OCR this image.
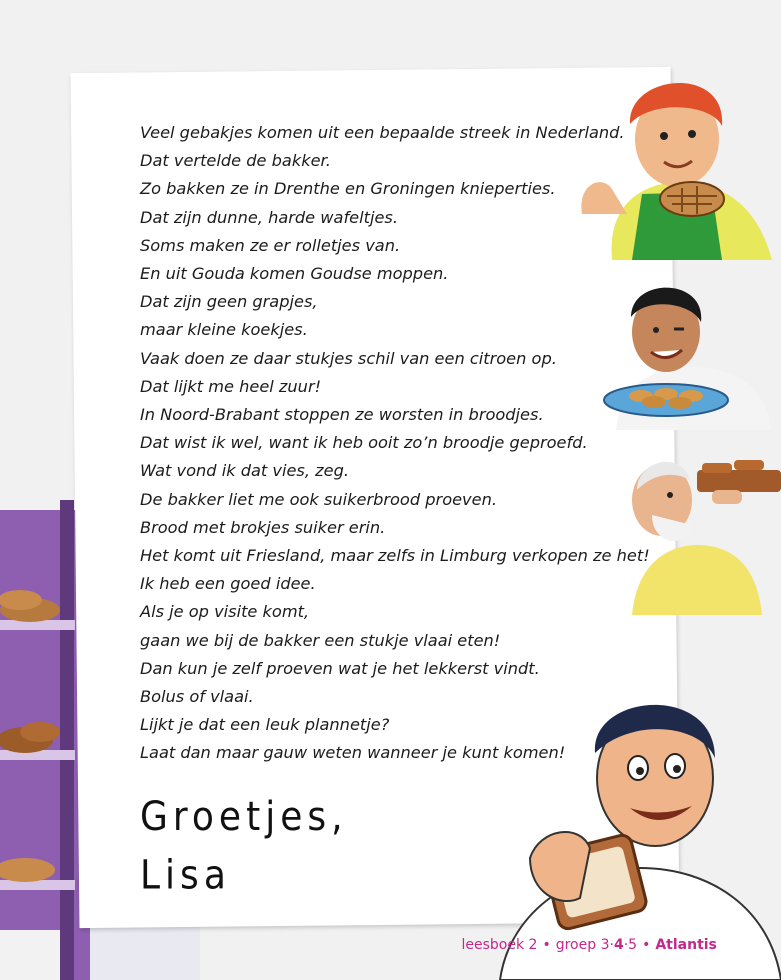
Veel gebakjes komen uit een bepaalde streek in Nederland.
Dat vertelde de bakker.
Zo bakken ze in Drenthe en Groningen knieperties.
Dat zijn dunne, harde wafeltjes.
Soms maken ze er rolletjes van.
En uit Gouda komen Goudse moppen.
Dat zijn geen grapjes,
maar kleine koekjes.
Vaak doen ze daar stukjes schil van een citroen op.
Dat lijkt me heel zuur!
In Noord-Brabant stoppen ze worsten in broodjes.
Dat wist ik wel, want ik heb ooit zo’n broodje geproefd.
Wat vond ik dat vies, zeg.
De bakker liet me ook suikerbrood proeven.
Brood met brokjes suiker erin.
Het komt uit Friesland, maar zelfs in Limburg verkopen ze het!
Ik heb een goed idee.
Als je op visite komt,
gaan we bij de bakker een stukje vlaai eten!
Dan kun je zelf proeven wat je het lekkerst vindt.
Bolus of vlaai.
Lijkt je dat een leuk plannetje?
Laat dan maar gauw weten wanneer je kunt komen!
Groetjes,
Lisa
leesboek 2 • groep 3·4·5 • Atlantis • 27
